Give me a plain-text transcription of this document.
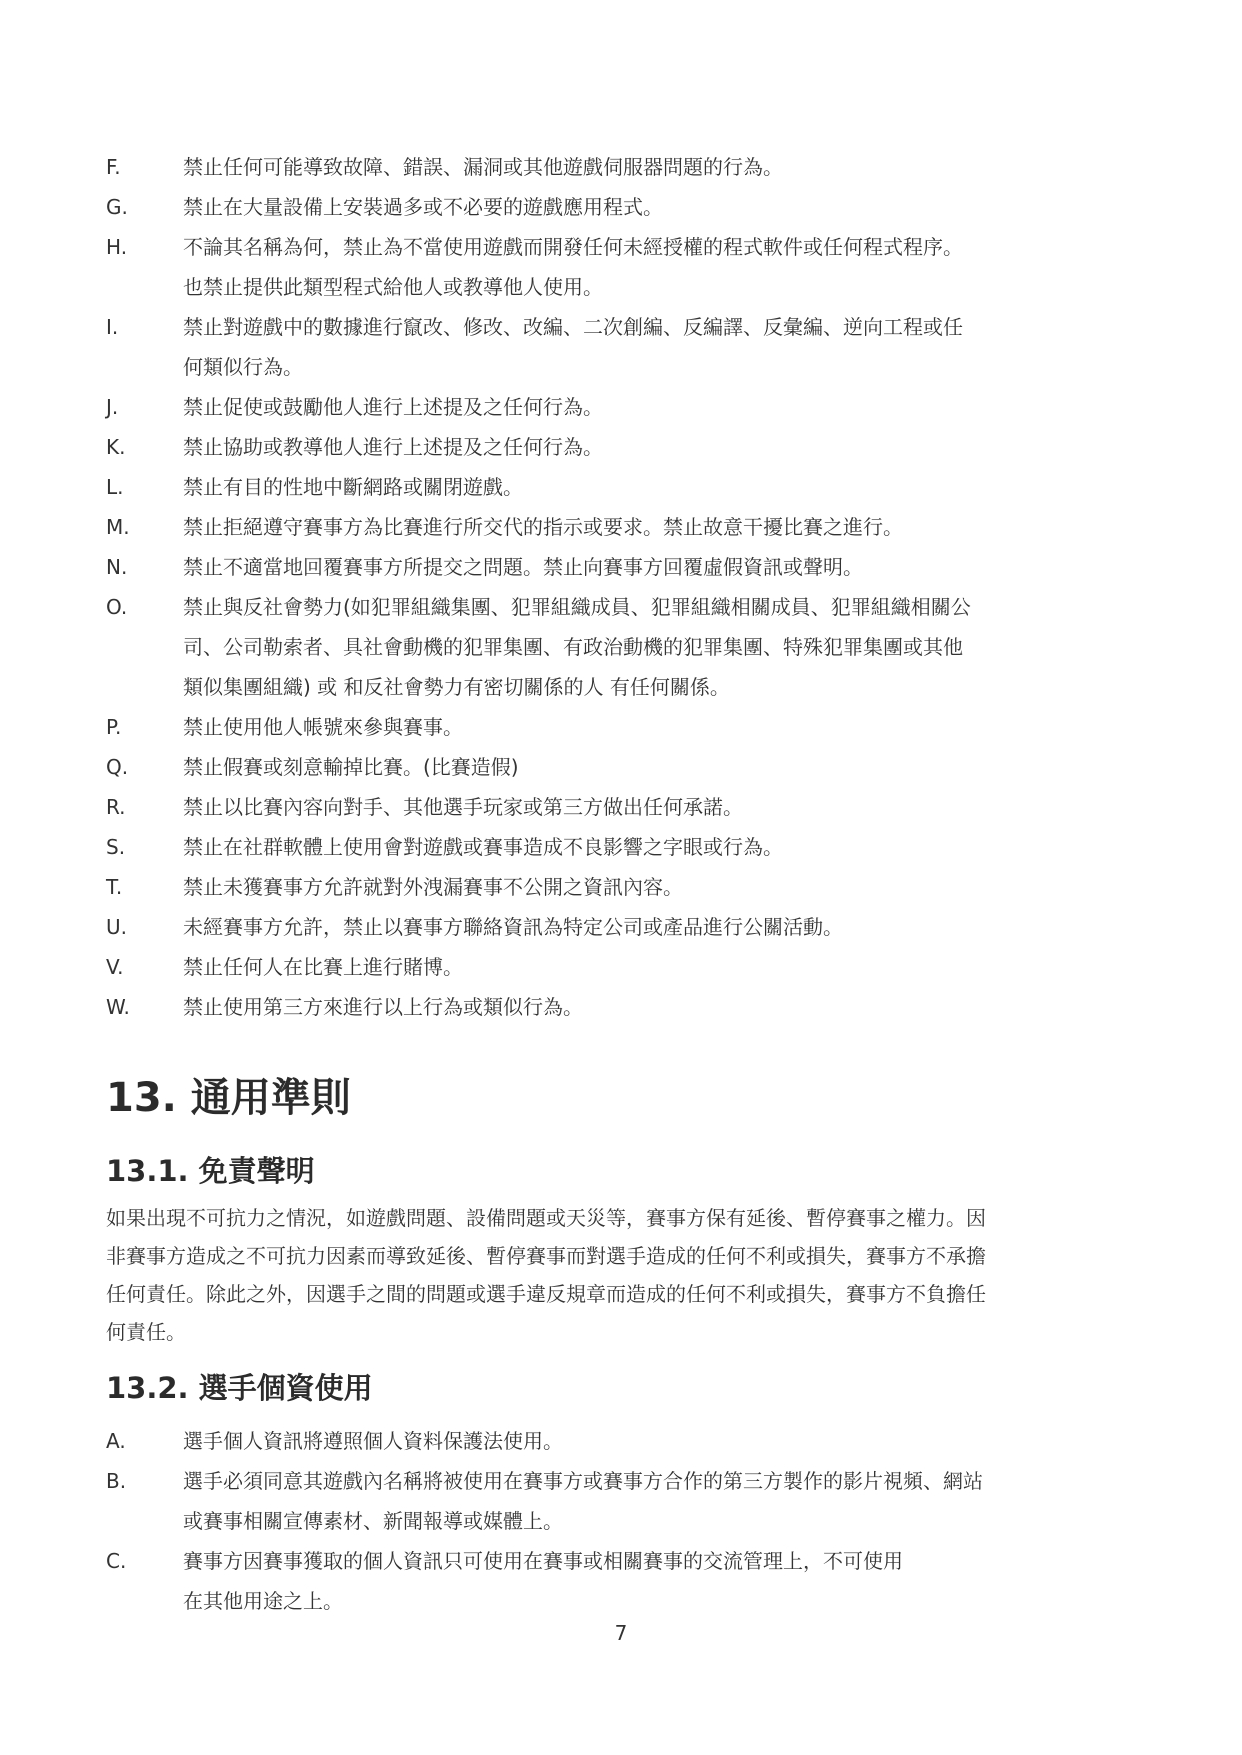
F.	禁止任何可能導致故障、錯誤、漏洞或其他遊戲伺服器問題的行為。
G.	禁止在大量設備上安裝過多或不必要的遊戲應用程式。
H.	不論其名稱為何，禁止為不當使用遊戲而開發任何未經授權的程式軟件或任何程式程序。
也禁止提供此類型程式給他人或教導他人使用。
I.	禁止對遊戲中的數據進行竄改、修改、改編、二次創編、反編譯、反彙編、逆向工程或任
何類似行為。
J.	禁止促使或鼓勵他人進行上述提及之任何行為。
K.	禁止協助或教導他人進行上述提及之任何行為。
L.	禁止有目的性地中斷網路或關閉遊戲。
M.	禁止拒絕遵守賽事方為比賽進行所交代的指示或要求。禁止故意干擾比賽之進行。
N.	禁止不適當地回覆賽事方所提交之問題。禁止向賽事方回覆虛假資訊或聲明。
O.	禁止與反社會勢力(如犯罪組織集團、犯罪組織成員、犯罪組織相關成員、犯罪組織相關公
司、公司勒索者、具社會動機的犯罪集團、有政治動機的犯罪集團、特殊犯罪集團或其他
類似集團組織) 或 和反社會勢力有密切關係的人 有任何關係。
P.	禁止使用他人帳號來參與賽事。
Q.	禁止假賽或刻意輸掉比賽。(比賽造假)
R.	禁止以比賽內容向對手、其他選手玩家或第三方做出任何承諾。
S.	禁止在社群軟體上使用會對遊戲或賽事造成不良影響之字眼或行為。
T.	禁止未獲賽事方允許就對外洩漏賽事不公開之資訊內容。
U.	未經賽事方允許，禁止以賽事方聯絡資訊為特定公司或產品進行公關活動。
V.	禁止任何人在比賽上進行賭博。
W.	禁止使用第三方來進行以上行為或類似行為。
13. 通用準則
13.1. 免責聲明
如果出現不可抗力之情況，如遊戲問題、設備問題或天災等，賽事方保有延後、暫停賽事之權力。因
非賽事方造成之不可抗力因素而導致延後、暫停賽事而對選手造成的任何不利或損失，賽事方不承擔
任何責任。除此之外，因選手之間的問題或選手違反規章而造成的任何不利或損失，賽事方不負擔任
何責任。
13.2. 選手個資使用
A.	選手個人資訊將遵照個人資料保護法使用。
B.	選手必須同意其遊戲內名稱將被使用在賽事方或賽事方合作的第三方製作的影片視頻、網站
或賽事相關宣傳素材、新聞報導或媒體上。
C.	賽事方因賽事獲取的個人資訊只可使用在賽事或相關賽事的交流管理上，不可使用
在其他用途之上。
7
